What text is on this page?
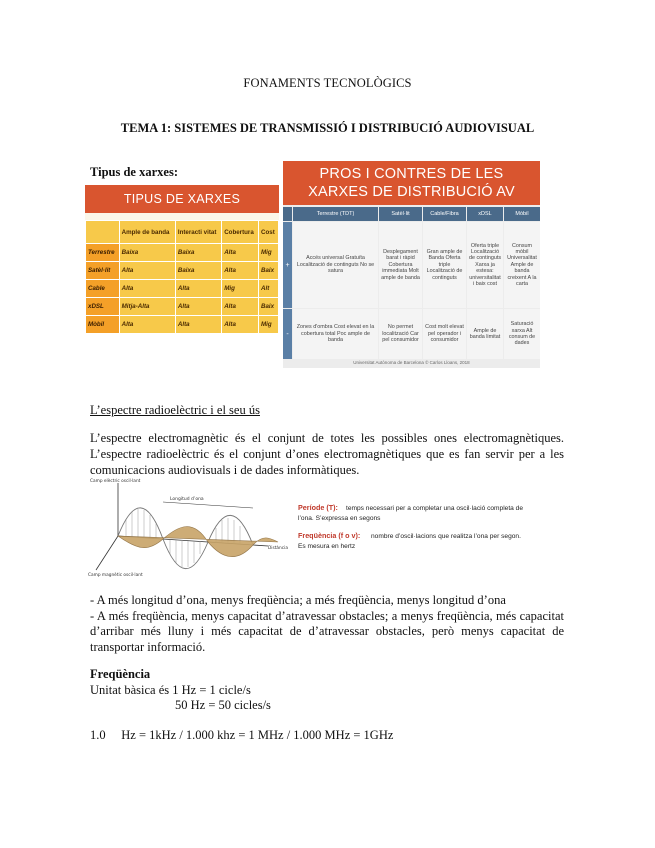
FONAMENTS TECNOLÒGICS
TEMA 1: SISTEMES DE TRANSMISSIÓ I DISTRIBUCIÓ AUDIOVISUAL
Tipus de xarxes:
TIPUS DE XARXES
	Ample de banda	Interacti vitat	Cobertura	Cost
Terrestre	Baixa	Baixa	Alta	Mig
Satèl·lit	Alta	Baixa	Alta	Baix
Cable	Alta	Alta	Mig	Alt
xDSL	Mitja-Alta	Alta	Alta	Baix
Mòbil	Alta	Alta	Alta	Mig
PROS I CONTRES DE LES
XARXES DE DISTRIBUCIÓ AV
Terrestre (TDT)	Satèl·lit	Cable/Fibra	xDSL	Mòbil
+
Accés universal Gratuïta Localització de continguts No se satura
Desplegament barat i ràpid Cobertura immediata Molt ample de banda
Gran ample de Banda Oferta triple Localització de continguts
Oferta triple Localització de continguts Xarxa ja estesa: universitalitat i baix cost
Consum mòbil Universalitat Ample de banda creixent A la carta
-
Zones d'ombra Cost elevat en la cobertura total Poc ample de banda
No permet localització Car pel consumidor
Cost molt elevat pel operador i consumidor
Ample de banda limitat
Saturació xarxa Alt consum de dades
Universitat Autònoma de Barcelona © Carlos Lloans, 2018
L’espectre radioelèctric i el seu ús
L’espectre electromagnètic és el conjunt de totes les possibles ones electromagnètiques. L’espectre radioelèctric és el conjunt d’ones electromagnètiques que es fan servir per a les comunicacions audiovisuals i de dades informàtiques.
Longitud d’ona
Camp elèctric oscil·lant
Camp magnètic oscil·lant
Distància
Període (T): temps necessari per a completar una oscil·lació completa de
l’ona. S’expressa en segons
Freqüència (f o v): nombre d’oscil·lacions que realitza l’ona per segon.
Es mesura en hertz
- A més longitud d’ona, menys freqüència; a més freqüència, menys longitud d’ona
- A més freqüència, menys capacitat d’atravessar obstacles; a menys freqüència, més capacitat d’arribar més lluny i més capacitat de d’atravessar obstacles, però menys capacitat de transportar informació.
Freqüència
Unitat bàsica és 1 Hz = 1 cicle/s
50 Hz = 50 cicles/s
1.0     Hz = 1kHz / 1.000 khz = 1 MHz / 1.000 MHz = 1GHz
